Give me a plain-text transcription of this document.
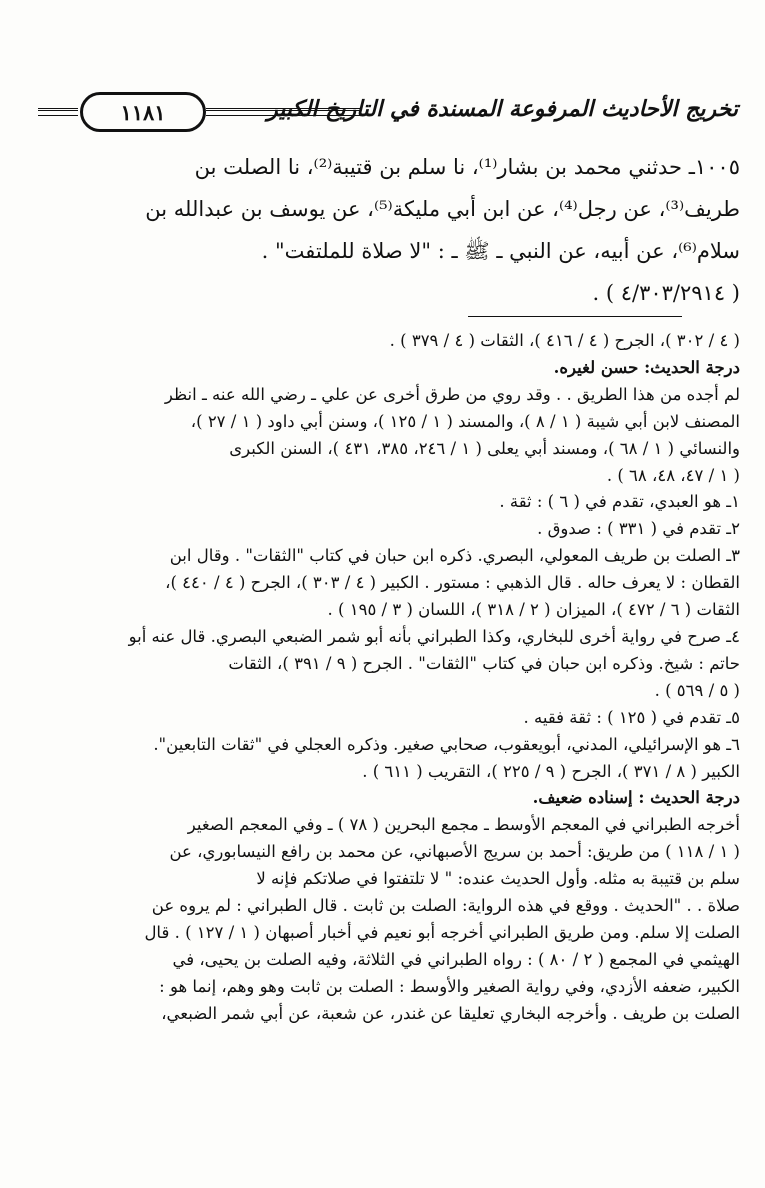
تخريج الأحاديث المرفوعة المسندة في التاريخ الكبير
١١٨١

١٠٠٥ـ حدثني محمد بن بشار⁽¹⁾، نا سلم بن قتيبة⁽²⁾، نا الصلت بن

طريف⁽³⁾، عن رجل⁽⁴⁾، عن ابن أبي مليكة⁽⁵⁾، عن يوسف بن عبدالله بن

سلام⁽⁶⁾، عن أبيه، عن النبي ـ ﷺ ـ : "لا صلاة للملتفت" .

( ٤/٣٠٣/٢٩١٤ ) .

( ٤ / ٣٠٢ )، الجرح ( ٤ / ٤١٦ )، الثقات ( ٤ / ٣٧٩ ) .

درجة الحديث: حسن لغيره.

لم أجده من هذا الطريق . . وقد روي من طرق أخرى عن علي ـ رضي الله عنه ـ انظر

المصنف لابن أبي شيبة ( ١ / ٨ )، والمسند ( ١ / ١٢٥ )، وسنن أبي داود ( ١ / ٢٧ )،

والنسائي ( ١ / ٦٨ )، ومسند أبي يعلى ( ١ / ٢٤٦، ٣٨٥، ٤٣١ )، السنن الكبرى

( ١ / ٤٧، ٤٨، ٦٨ ) .

١ـ هو العبدي، تقدم في ( ٦ ) : ثقة .

٢ـ تقدم في ( ٣٣١ ) : صدوق .

٣ـ الصلت بن طريف المعولي، البصري. ذكره ابن حبان في كتاب "الثقات" . وقال ابن

القطان : لا يعرف حاله . قال الذهبي : مستور . الكبير ( ٤ / ٣٠٣ )، الجرح ( ٤ / ٤٤٠ )،

الثقات ( ٦ / ٤٧٢ )، الميزان ( ٢ / ٣١٨ )، اللسان ( ٣ / ١٩٥ ) .

٤ـ صرح في رواية أخرى للبخاري، وكذا الطبراني بأنه أبو شمر الضبعي البصري. قال عنه أبو

حاتم : شيخ. وذكره ابن حبان في كتاب "الثقات" . الجرح ( ٩ / ٣٩١ )، الثقات

( ٥ / ٥٦٩ ) .

٥ـ تقدم في ( ١٢٥ ) : ثقة فقيه .

٦ـ هو الإسرائيلي، المدني، أبويعقوب، صحابي صغير. وذكره العجلي في "ثقات التابعين".

الكبير ( ٨ / ٣٧١ )، الجرح ( ٩ / ٢٢٥ )، التقريب ( ٦١١ ) .

درجة الحديث : إسناده ضعيف.

أخرجه الطبراني في المعجم الأوسط ـ مجمع البحرين ( ٧٨ ) ـ وفي المعجم الصغير

( ١ / ١١٨ ) من طريق: أحمد بن سريج الأصبهاني، عن محمد بن رافع النيسابوري، عن

سلم بن قتيبة به مثله. وأول الحديث عنده: " لا تلتفتوا في صلاتكم فإنه لا

صلاة . . "الحديث . ووقع في هذه الرواية: الصلت بن ثابت . قال الطبراني : لم يروه عن

الصلت إلا سلم. ومن طريق الطبراني أخرجه أبو نعيم في أخبار أصبهان ( ١ / ١٢٧ ) . قال

الهيثمي في المجمع ( ٢ / ٨٠ ) : رواه الطبراني في الثلاثة، وفيه الصلت بن يحيى، في

الكبير، ضعفه الأزدي، وفي رواية الصغير والأوسط : الصلت بن ثابت وهو وهم، إنما هو :

الصلت بن طريف . وأخرجه البخاري تعليقا عن غندر، عن شعبة، عن أبي شمر الضبعي،
